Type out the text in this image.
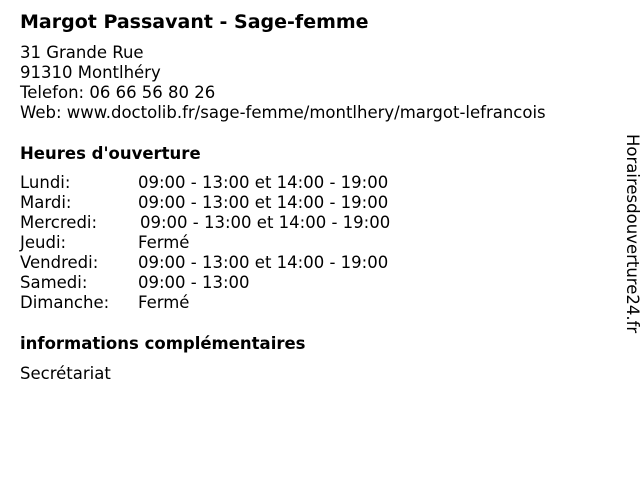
Margot Passavant - Sage-femme
31 Grande Rue
91310 Montlhéry
Telefon: 06 66 56 80 26
Web: www.doctolib.fr/sage-femme/montlhery/margot-lefrancois
Heures d'ouverture
Lundi:	09:00 - 13:00 et 14:00 - 19:00
Mardi:	09:00 - 13:00 et 14:00 - 19:00
Mercredi:	09:00 - 13:00 et 14:00 - 19:00
Jeudi:	Fermé
Vendredi: 09:00 - 13:00 et 14:00 - 19:00
Samedi:	09:00 - 13:00
Dimanche: Fermé
informations complémentaires
Secrétariat
Horairesdouverture24.fr
